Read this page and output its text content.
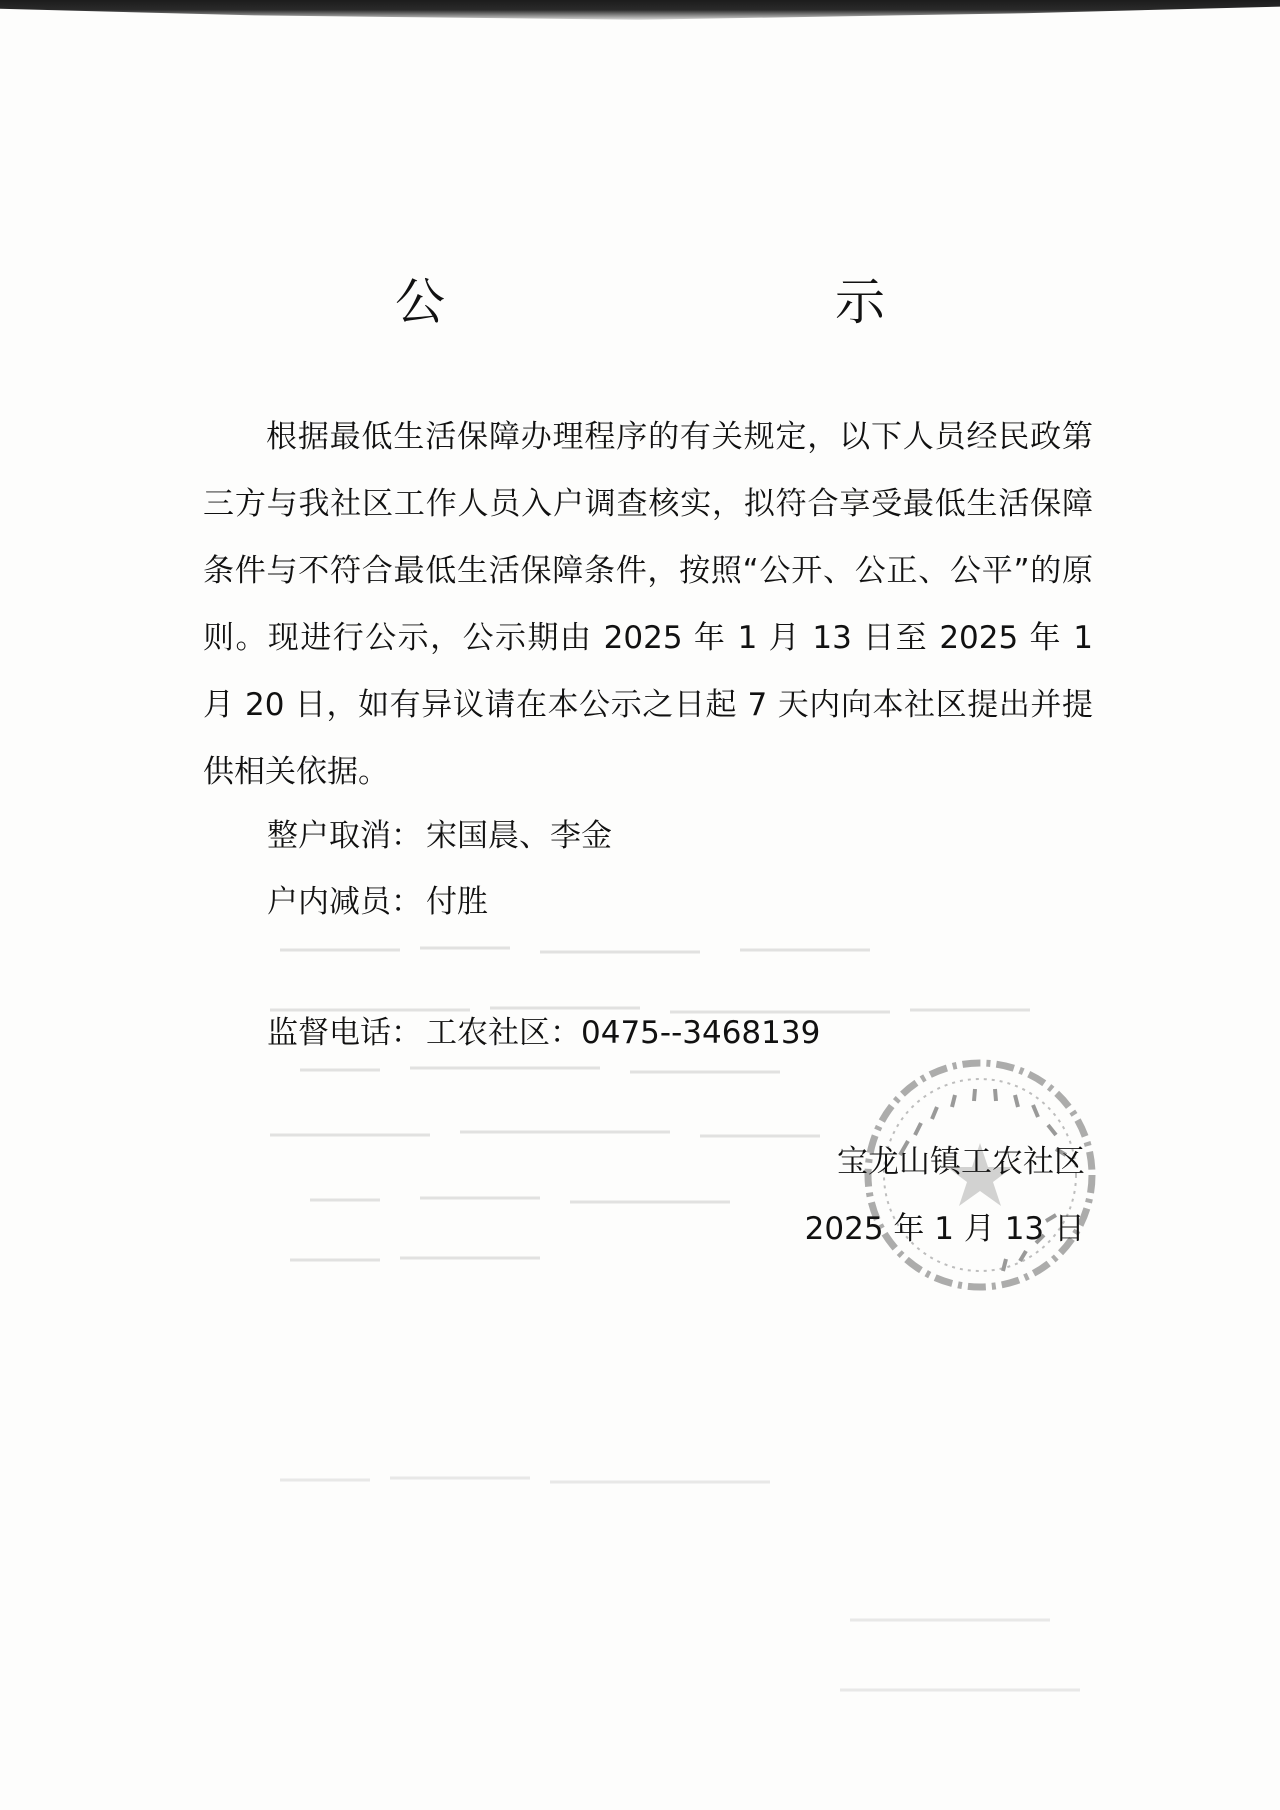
公　示

根据最低生活保障办理程序的有关规定，以下人员经民政第三方与我社区工作人员入户调查核实，拟符合享受最低生活保障条件与不符合最低生活保障条件，按照“公开、公正、公平”的原则。现进行公示，公示期由 2025 年 1 月 13 日至 2025 年 1 月 20 日，如有异议请在本公示之日起 7 天内向本社区提出并提供相关依据。

整户取消： 宋国晨、李金

户内减员： 付胜

监督电话： 工农社区：0475--3468139

宝龙山镇工农社区

2025 年 1 月 13 日
